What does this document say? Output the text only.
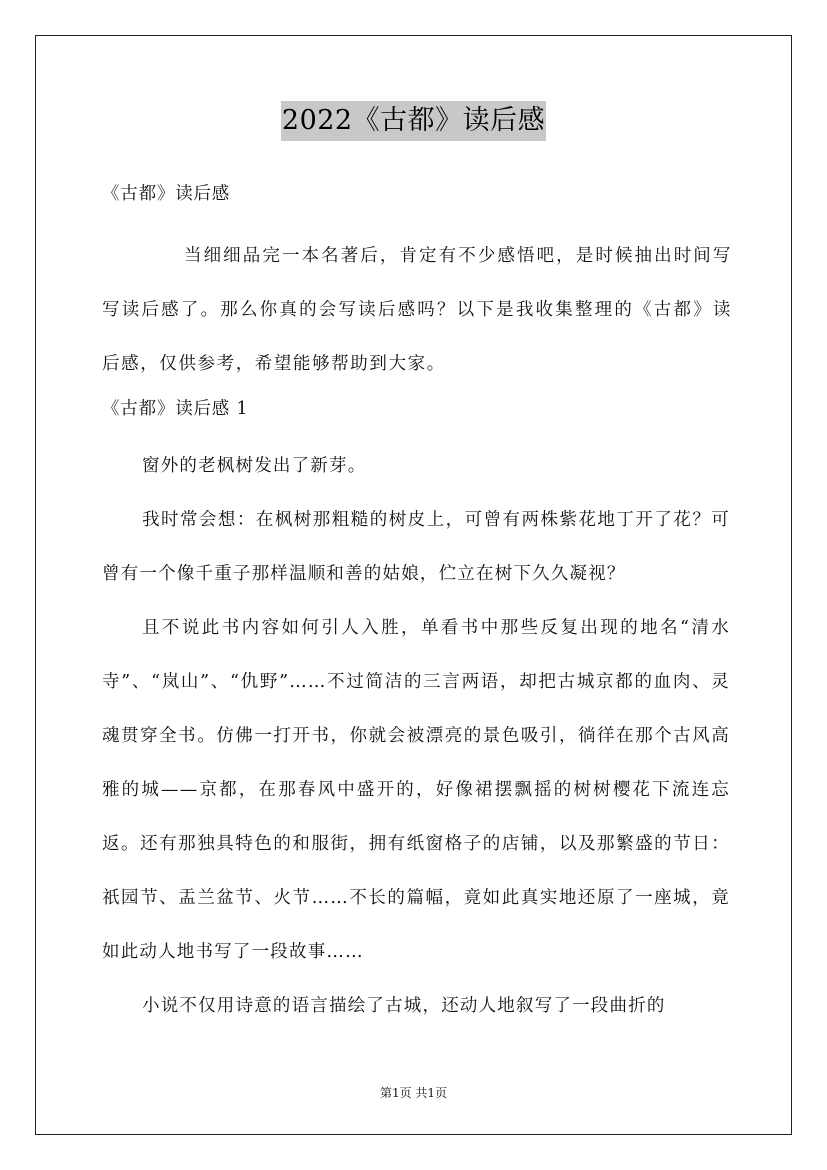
2022《古都》读后感
《古都》读后感

当细细品完一本名著后，肯定有不少感悟吧，是时候抽出时间写写读后感了。那么你真的会写读后感吗？以下是我收集整理的《古都》读后感，仅供参考，希望能够帮助到大家。

《古都》读后感 1

窗外的老枫树发出了新芽。

我时常会想：在枫树那粗糙的树皮上，可曾有两株紫花地丁开了花？可曾有一个像千重子那样温顺和善的姑娘，伫立在树下久久凝视？

且不说此书内容如何引人入胜，单看书中那些反复出现的地名“清水寺”、“岚山”、“仇野”……不过简洁的三言两语，却把古城京都的血肉、灵魂贯穿全书。仿佛一打开书，你就会被漂亮的景色吸引，徜徉在那个古风高雅的城——京都，在那春风中盛开的，好像裙摆飘摇的树树樱花下流连忘返。还有那独具特色的和服街，拥有纸窗格子的店铺，以及那繁盛的节日：祇园节、盂兰盆节、火节……不长的篇幅，竟如此真实地还原了一座城，竟如此动人地书写了一段故事……

小说不仅用诗意的语言描绘了古城，还动人地叙写了一段曲折的

第1页 共1页
